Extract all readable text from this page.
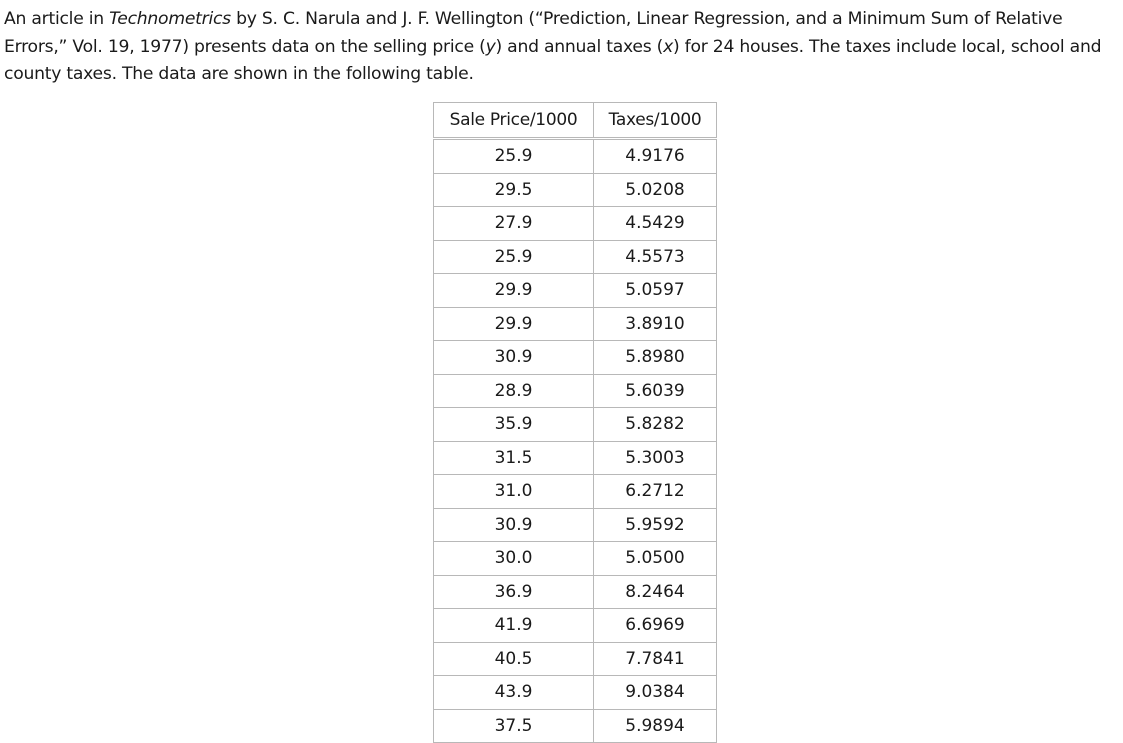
An article in Technometrics by S. C. Narula and J. F. Wellington (“Prediction, Linear Regression, and a Minimum Sum of Relative Errors,” Vol. 19, 1977) presents data on the selling price (y) and annual taxes (x) for 24 houses. The taxes include local, school and county taxes. The data are shown in the following table.

Sale Price/1000	Taxes/1000
25.9	4.9176
29.5	5.0208
27.9	4.5429
25.9	4.5573
29.9	5.0597
29.9	3.8910
30.9	5.8980
28.9	5.6039
35.9	5.8282
31.5	5.3003
31.0	6.2712
30.9	5.9592
30.0	5.0500
36.9	8.2464
41.9	6.6969
40.5	7.7841
43.9	9.0384
37.5	5.9894
